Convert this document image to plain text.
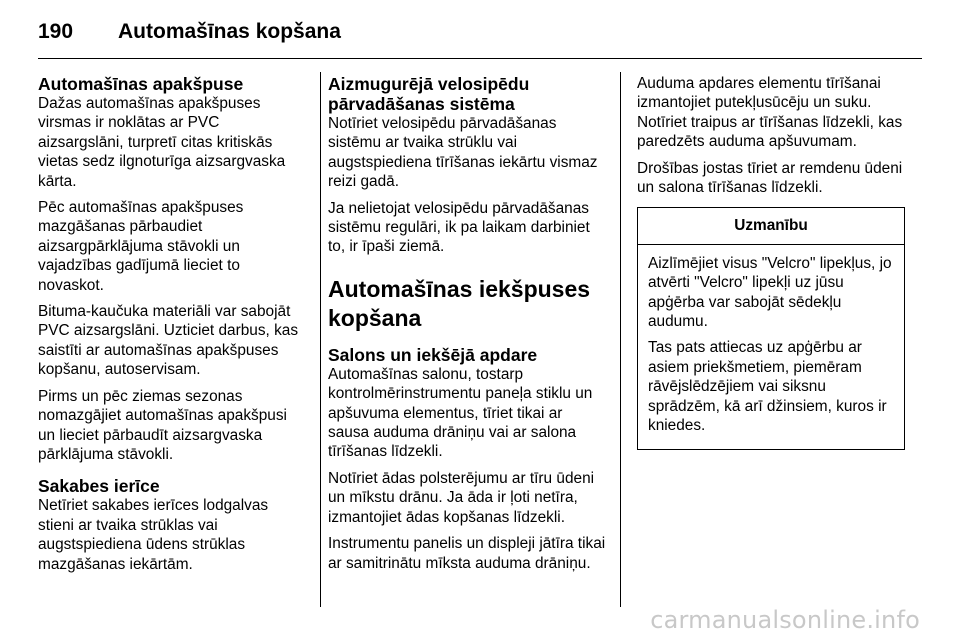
190	Automašīnas kopšana
Automašīnas apakšpuse

Dažas automašīnas apakšpuses virsmas ir noklātas ar PVC aizsargslāni, turpretī citas kritiskās vietas sedz ilgnoturīga aizsargvaska kārta.

Pēc automašīnas apakšpuses mazgāšanas pārbaudiet aizsargpārklājuma stāvokli un vajadzības gadījumā lieciet to novaskot.

Bituma-kaučuka materiāli var sabojāt PVC aizsargslāni. Uzticiet darbus, kas saistīti ar automašīnas apakšpuses kopšanu, autoservisam.

Pirms un pēc ziemas sezonas nomazgājiet automašīnas apakšpusi un lieciet pārbaudīt aizsargvaska pārklājuma stāvokli.

Sakabes ierīce

Netīriet sakabes ierīces lodgalvas stieni ar tvaika strūklas vai augstspiediena ūdens strūklas mazgāšanas iekārtām.

Aizmugurējā velosipēdu pārvadāšanas sistēma

Notīriet velosipēdu pārvadāšanas sistēmu ar tvaika strūklu vai augstspiediena tīrīšanas iekārtu vismaz reizi gadā.

Ja nelietojat velosipēdu pārvadāšanas sistēmu regulāri, ik pa laikam darbiniet to, ir īpaši ziemā.

Automašīnas iekšpuses kopšana
Salons un iekšējā apdare

Automašīnas salonu, tostarp kontrolmērinstrumentu paneļa stiklu un apšuvuma elementus, tīriet tikai ar sausa auduma drāniņu vai ar salona tīrīšanas līdzekli.

Notīriet ādas polsterējumu ar tīru ūdeni un mīkstu drānu. Ja āda ir ļoti netīra, izmantojiet ādas kopšanas līdzekli.

Instrumentu panelis un displeji jātīra tikai ar samitrinātu mīksta auduma drāniņu.

Auduma apdares elementu tīrīšanai izmantojiet putekļusūcēju un suku. Notīriet traipus ar tīrīšanas līdzekli, kas paredzēts auduma apšuvumam.

Drošības jostas tīriet ar remdenu ūdeni un salona tīrīšanas līdzekli.

Uzmanību

Aizlīmējiet visus "Velcro" lipekļus, jo atvērti "Velcro" lipekļi uz jūsu apģērba var sabojāt sēdekļu audumu.

Tas pats attiecas uz apģērbu ar asiem priekšmetiem, piemēram rāvējslēdzējiem vai siksnu sprādzēm, kā arī džinsiem, kuros ir kniedes.

carmanualsonline.info
